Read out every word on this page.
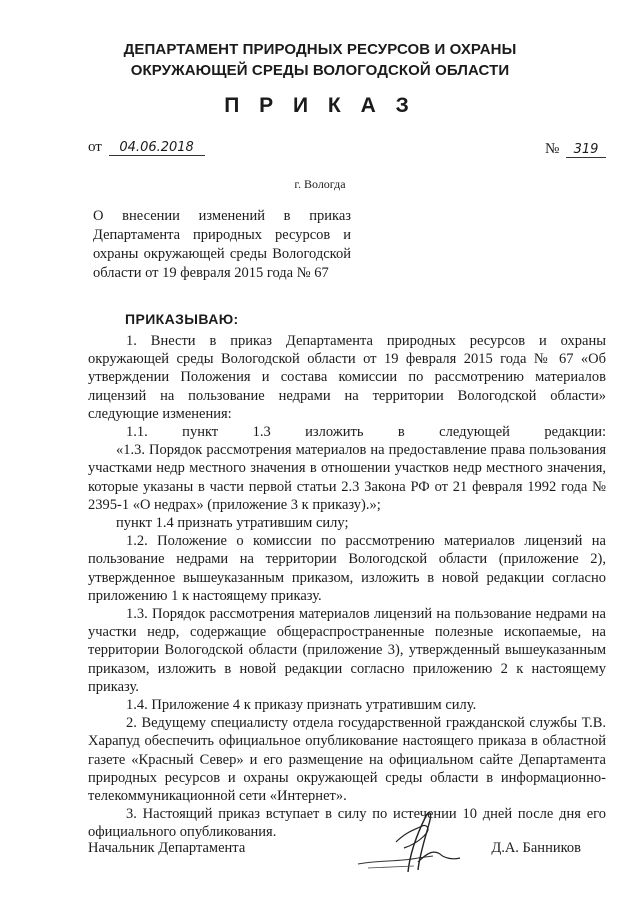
ДЕПАРТАМЕНТ ПРИРОДНЫХ РЕСУРСОВ И ОХРАНЫ
ОКРУЖАЮЩЕЙ СРЕДЫ ВОЛОГОДСКОЙ ОБЛАСТИ
П Р И К А З
от 04.06.2018	№ 319
г. Вологда
О внесении изменений в приказ Департамента природных ресурсов и охраны окружающей среды Вологодской области от 19 февраля 2015 года № 67
ПРИКАЗЫВАЮ:

1. Внести в приказ Департамента природных ресурсов и охраны окружающей среды Вологодской области от 19 февраля 2015 года № 67 «Об утверждении Положения и состава комиссии по рассмотрению материалов лицензий на пользование недрами на территории Вологодской области» следующие изменения:

1.1. пункт 1.3 изложить в следующей редакции:

«1.3. Порядок рассмотрения материалов на предоставление права пользования участками недр местного значения в отношении участков недр местного значения, которые указаны в части первой статьи 2.3 Закона РФ от 21 февраля 1992 года № 2395-1 «О недрах» (приложение 3 к приказу).»;

пункт 1.4 признать утратившим силу;

1.2. Положение о комиссии по рассмотрению материалов лицензий на пользование недрами на территории Вологодской области (приложение 2), утвержденное вышеуказанным приказом, изложить в новой редакции согласно приложению 1 к настоящему приказу.

1.3. Порядок рассмотрения материалов лицензий на пользование недрами на участки недр, содержащие общераспространенные полезные ископаемые, на территории Вологодской области (приложение 3), утвержденный вышеуказанным приказом, изложить в новой редакции согласно приложению 2 к настоящему приказу.

1.4. Приложение 4 к приказу признать утратившим силу.

2. Ведущему специалисту отдела государственной гражданской службы Т.В. Харапуд обеспечить официальное опубликование настоящего приказа в областной газете «Красный Север» и его размещение на официальном сайте Департамента природных ресурсов и охраны окружающей среды области в информационно-телекоммуникационной сети «Интернет».

3. Настоящий приказ вступает в силу по истечении 10 дней после дня его официального опубликования.

Начальник Департамента	Д.А. Банников
